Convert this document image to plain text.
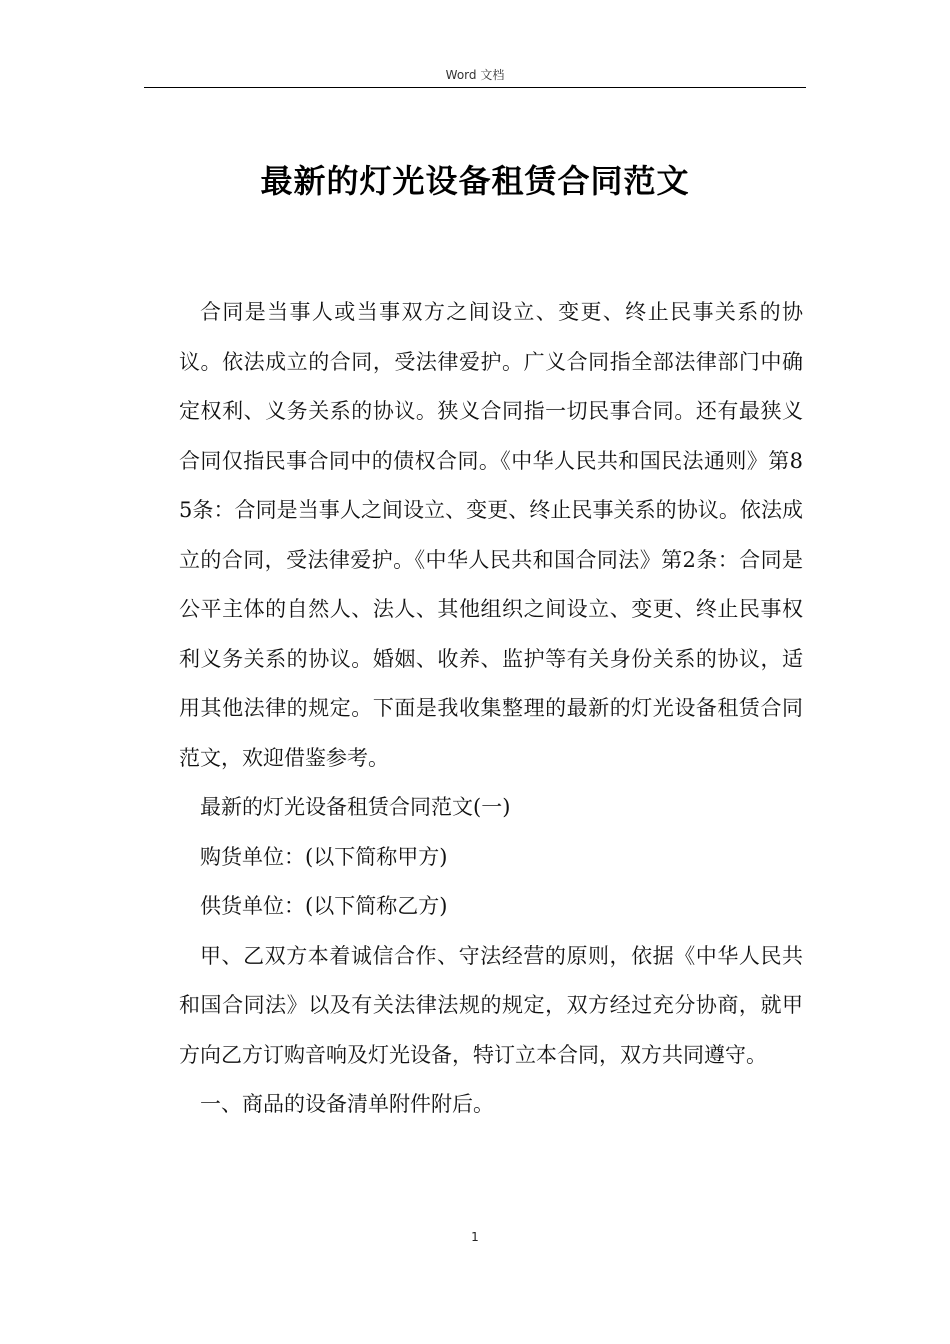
Word 文档
最新的灯光设备租赁合同范文

合同是当事人或当事双方之间设立、变更、终止民事关系的协议。依法成立的合同，受法律爱护。广义合同指全部法律部门中确定权利、义务关系的协议。狭义合同指一切民事合同。还有最狭义合同仅指民事合同中的债权合同。《中华人民共和国民法通则》第85条：合同是当事人之间设立、变更、终止民事关系的协议。依法成立的合同，受法律爱护。《中华人民共和国合同法》第2条：合同是公平主体的自然人、法人、其他组织之间设立、变更、终止民事权利义务关系的协议。婚姻、收养、监护等有关身份关系的协议，适用其他法律的规定。下面是我收集整理的最新的灯光设备租赁合同范文，欢迎借鉴参考。

最新的灯光设备租赁合同范文(一)

购货单位：(以下简称甲方)

供货单位：(以下简称乙方)

甲、乙双方本着诚信合作、守法经营的原则，依据《中华人民共和国合同法》以及有关法律法规的规定，双方经过充分协商，就甲方向乙方订购音响及灯光设备，特订立本合同，双方共同遵守。

一、商品的设备清单附件附后。

1
